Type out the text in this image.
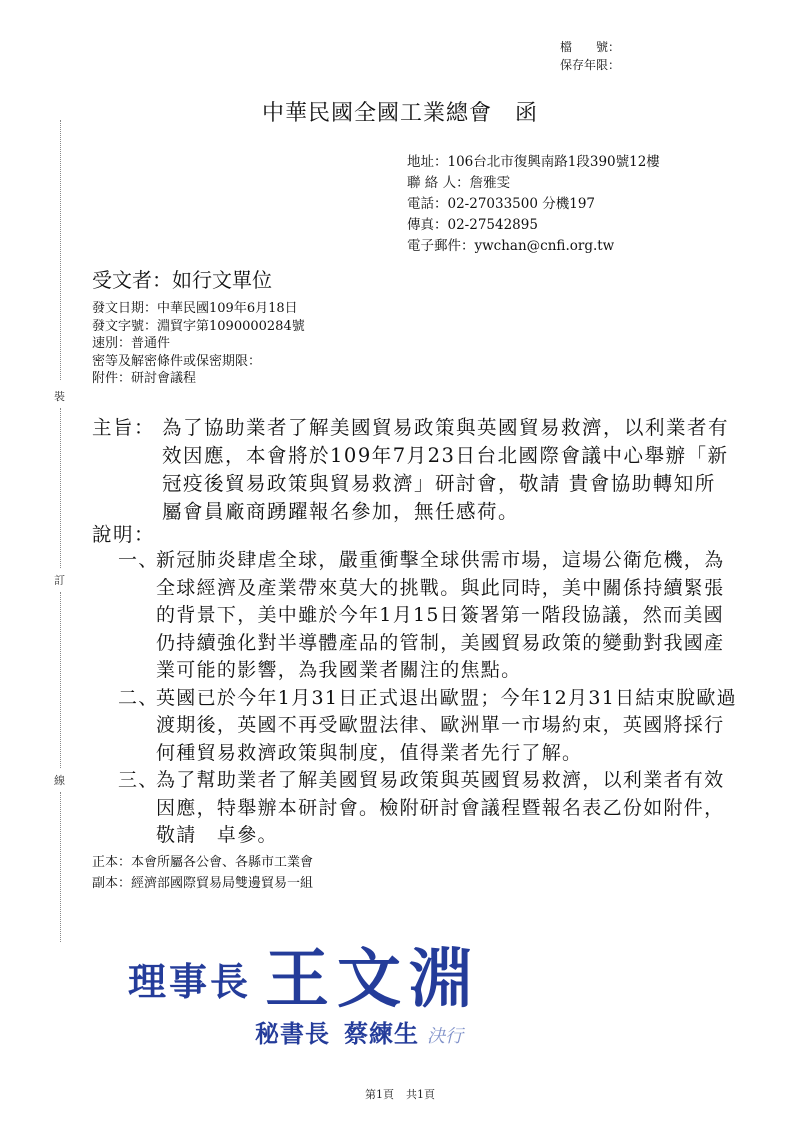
檔　　號：
保存年限：
中華民國全國工業總會　函
地址：106台北市復興南路1段390號12樓
聯 絡 人：詹雅雯
電話：02-27033500 分機197
傳真：02-27542895
電子郵件：ywchan@cnfi.org.tw
受文者：如行文單位
發文日期：中華民國109年6月18日
發文字號：淵貿字第1090000284號
速別：普通件
密等及解密條件或保密期限：
附件：研討會議程
裝
訂
線
主旨： 為了協助業者了解美國貿易政策與英國貿易救濟，以利業者有效因應，本會將於109年7月23日台北國際會議中心舉辦「新冠疫後貿易政策與貿易救濟」研討會，敬請 貴會協助轉知所屬會員廠商踴躍報名參加，無任感荷。
說明：
一、
新冠肺炎肆虐全球，嚴重衝擊全球供需市場，這場公衛危機，為全球經濟及產業帶來莫大的挑戰。與此同時，美中關係持續緊張的背景下，美中雖於今年1月15日簽署第一階段協議，然而美國仍持續強化對半導體產品的管制，美國貿易政策的變動對我國產業可能的影響，為我國業者關注的焦點。
二、
英國已於今年1月31日正式退出歐盟；今年12月31日結束脫歐過渡期後，英國不再受歐盟法律、歐洲單一市場約束，英國將採行何種貿易救濟政策與制度，值得業者先行了解。
三、
為了幫助業者了解美國貿易政策與英國貿易救濟，以利業者有效因應，特舉辦本研討會。檢附研討會議程暨報名表乙份如附件，敬請　卓參。
正本：本會所屬各公會、各縣市工業會
副本：經濟部國際貿易局雙邊貿易一組
理事長 王文淵
秘書長 蔡練生 決行
第1頁 共1頁
